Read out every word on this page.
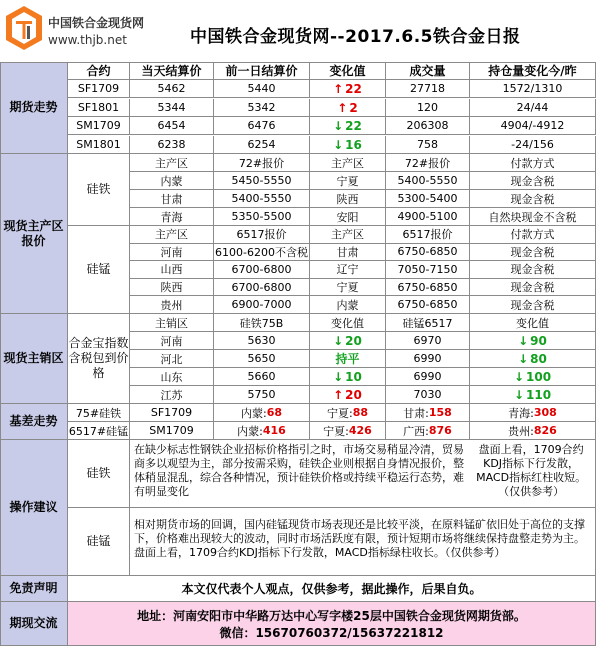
中国铁合金现货网
www.thjb.net	中国铁合金现货网--2017.6.5铁合金日报
期货走势
合约	当天结算价	前一日结算价	变化值	成交量	持仓量变化今/昨
现货主产区报价
硅铁
硅锰
现货主销区
合金宝指数含税包到价格
基差走势
操作建议
硅铁
在缺少标志性钢铁企业招标价格指引之时，市场交易稍显冷清，贸易商多以观望为主，部分按需采购，硅铁企业则根据自身情况报价，整体稍显混乱，综合各种情况，预计硅铁价格或持续平稳运行态势，难有明显变化
盘面上看，1709合约KDJ指标下行发散，MACD指标红柱收短。（仅供参考）
硅锰
相对期货市场的回调，国内硅锰现货市场表现还是比较平淡，在原料锰矿依旧处于高位的支撑下，价格难出现较大的波动，同时市场活跃度有限，预计短期市场将继续保持盘整走势为主。盘面上看，1709合约KDJ指标下行发散，MACD指标绿柱收长。（仅供参考）
免责声明	本文仅代表个人观点，仅供参考，据此操作，后果自负。
期现交流
地址：河南安阳市中华路万达中心写字楼25层中国铁合金现货网期货部。
微信：15670760372/15637221812
SF1709	5462	5440	↑ 22	27718	1572/1310
SF1801	5344	5342	↑ 2	120	24/44
SM1709	6454	6476	↓ 22	206308	4904/-4912
SM1801	6238	6254	↓ 16	758	-24/156
主产区	72#报价	主产区	72#报价	付款方式
内蒙	5450-5550	宁夏	5400-5550	现金含税
甘肃	5400-5550	陕西	5300-5400	现金含税
青海	5350-5500	安阳	4900-5100	自然块现金不含税
主产区	6517报价	主产区	6517报价	付款方式
河南	6100-6200不含税	甘肃	6750-6850	现金含税
山西	6700-6800	辽宁	7050-7150	现金含税
陕西	6700-6800	宁夏	6750-6850	现金含税
贵州	6900-7000	内蒙	6750-6850	现金含税
主销区	硅铁75B	变化值	硅锰6517	变化值
河南	5630	↓ 20	6970	↓ 90
河北	5650	持平	6990	↓ 80
山东	5660	↓ 10	6990	↓ 100
江苏	5750	↑ 20	7030	↓ 110
75#硅铁	SF1709	内蒙: 68	宁夏: 88	甘肃: 158	青海: 308
6517#硅锰	SM1709	内蒙: 416	宁夏: 426	广西: 876	贵州: 826
